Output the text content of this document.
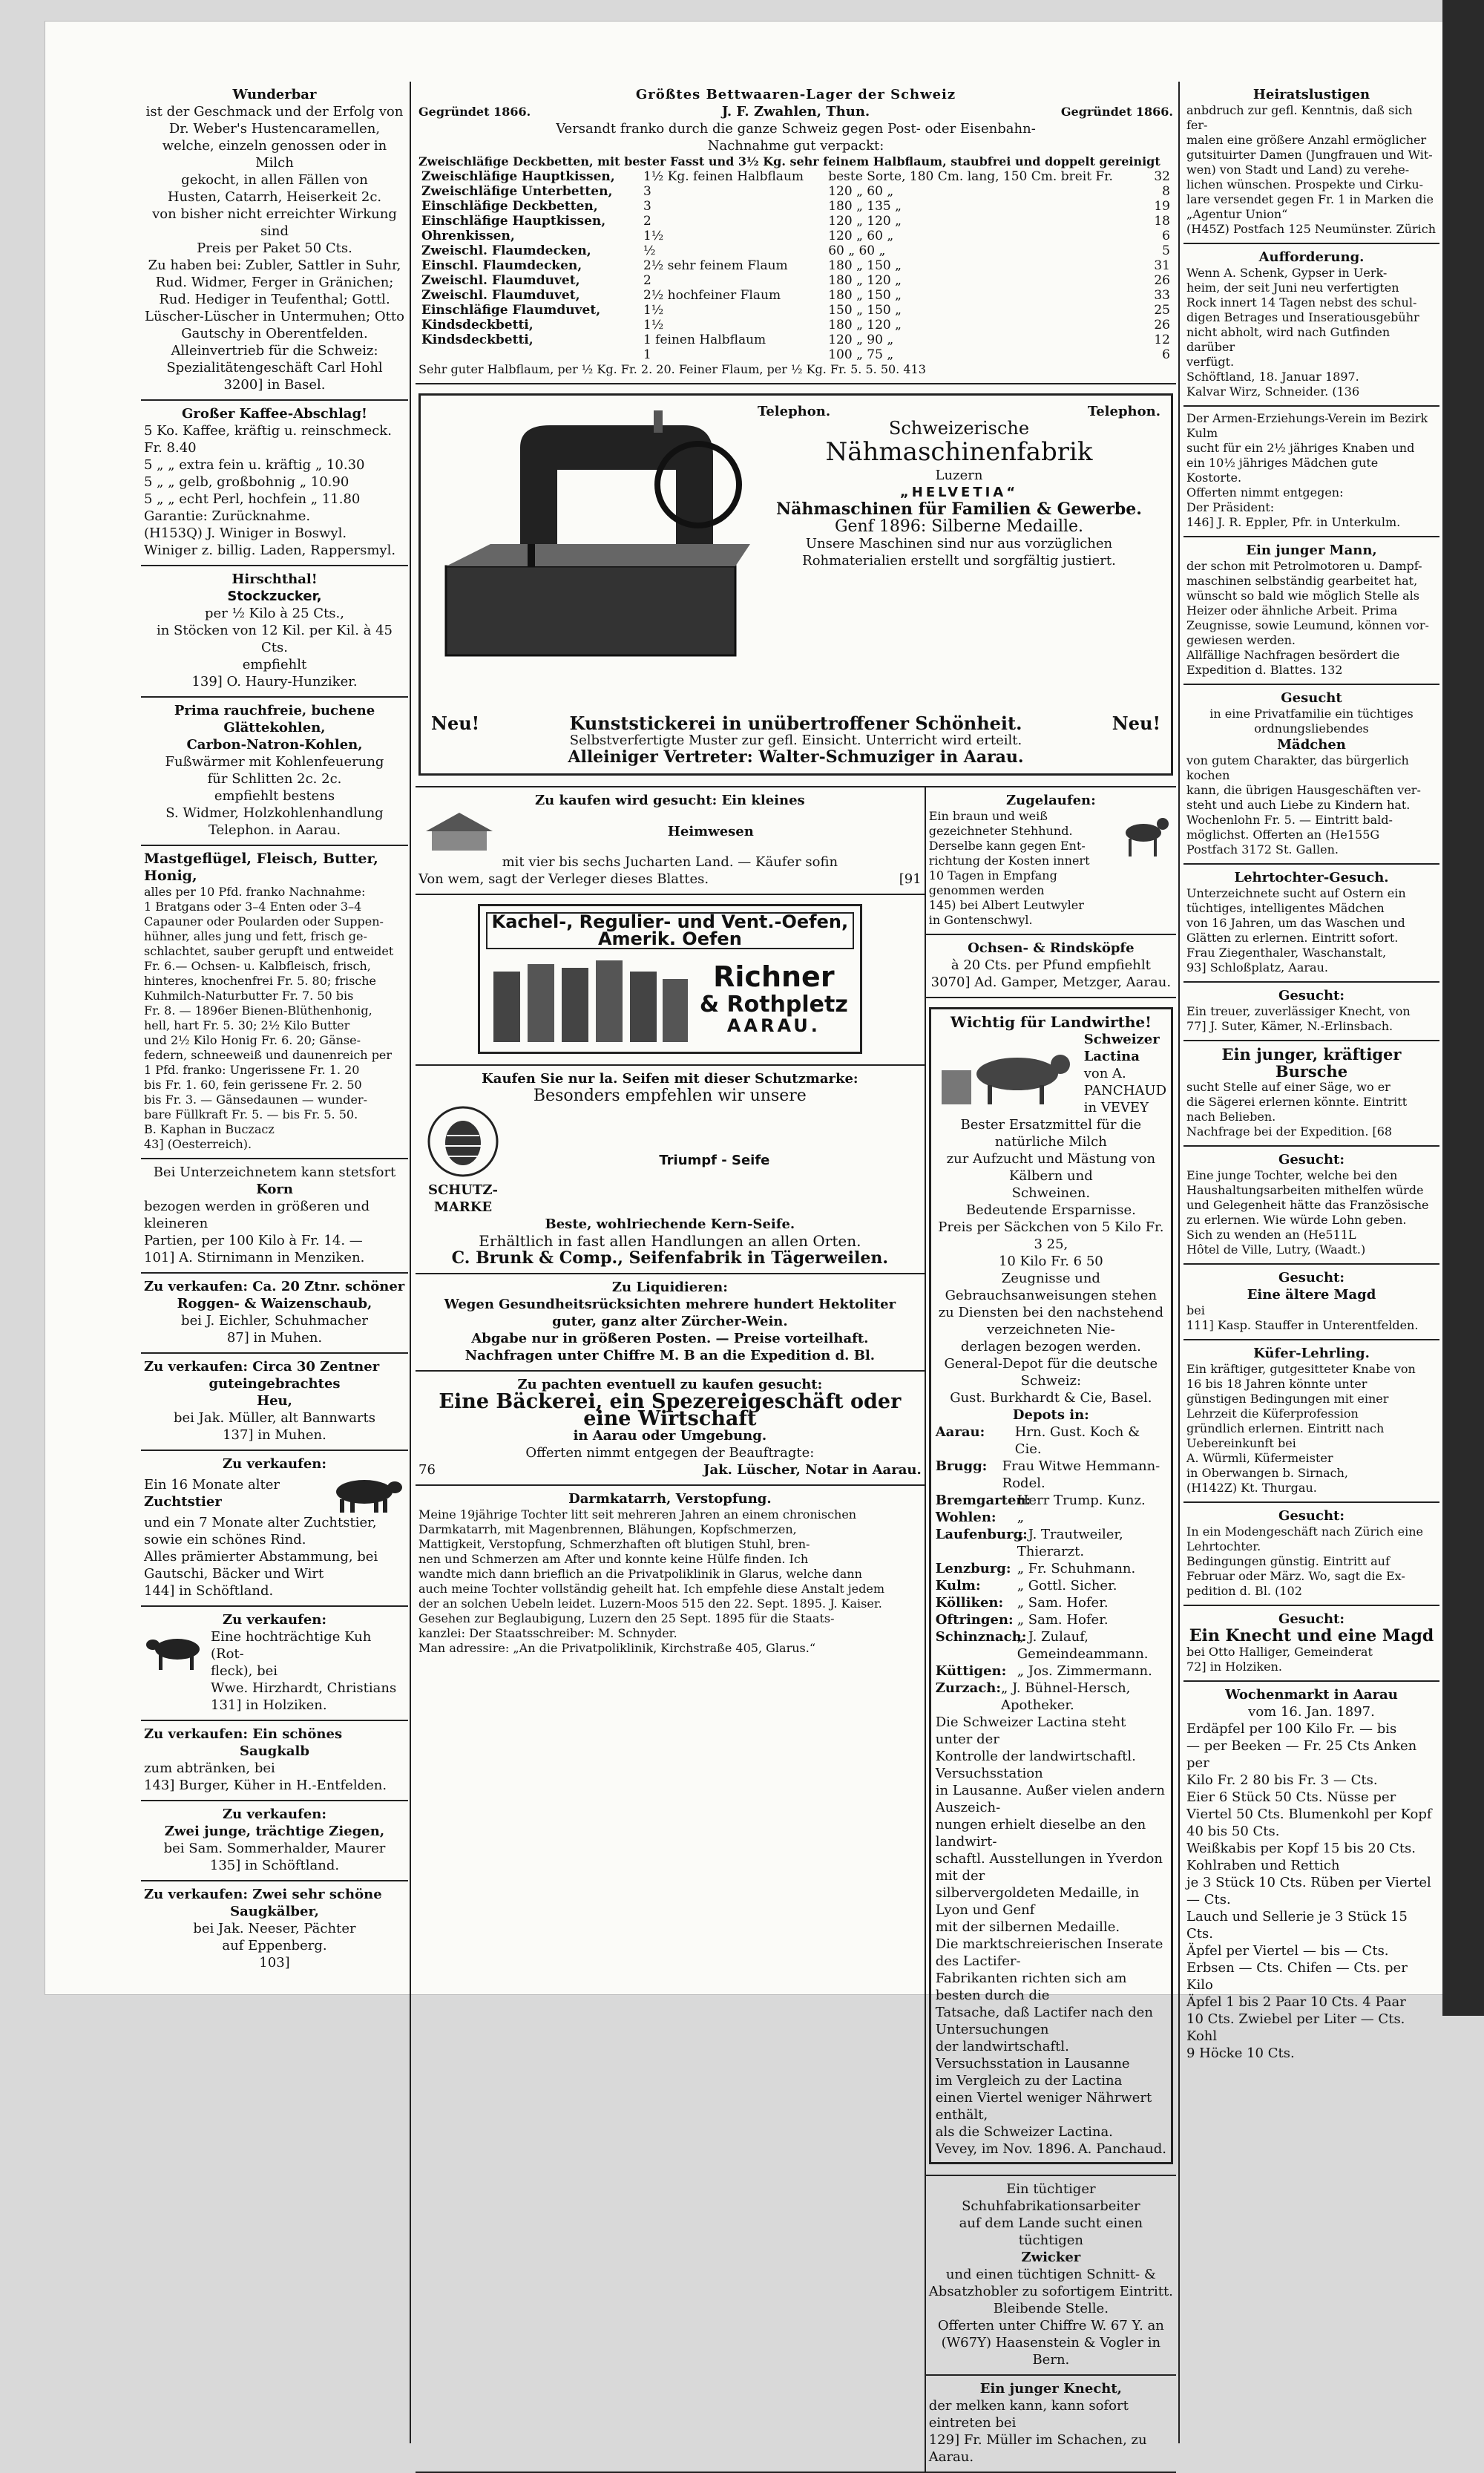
Wunderbar

ist der Geschmack und der Erfolg von

Dr. Weber's Hustencaramellen,

welche, einzeln genossen oder in Milch

gekocht, in allen Fällen von

Husten, Catarrh, Heiserkeit 2c.

von bisher nicht erreichter Wirkung sind

Preis per Paket 50 Cts.

Zu haben bei: Zubler, Sattler in Suhr,

Rud. Widmer, Ferger in Gränichen;

Rud. Hediger in Teufenthal; Gottl.

Lüscher-Lüscher in Untermuhen; Otto

Gautschy in Oberentfelden.

Alleinvertrieb für die Schweiz:

Spezialitätengeschäft Carl Hohl

3200] in Basel.

Großer Kaffee-Abschlag!

5 Ko. Kaffee, kräftig u. reinschmeck. Fr. 8.40

5 „ „ extra fein u. kräftig „ 10.30

5 „ „ gelb, großbohnig „ 10.90

5 „ „ echt Perl, hochfein „ 11.80

Garantie: Zurücknahme.

(H153Q) J. Winiger in Boswyl.

Winiger z. billig. Laden, Rappersmyl.

Hirschthal!

Stockzucker,

per ½ Kilo à 25 Cts.,

in Stöcken von 12 Kil. per Kil. à 45 Cts.

empfiehlt

139] O. Haury-Hunziker.

Prima rauchfreie, buchene

Glättekohlen,

Carbon-Natron-Kohlen,

Fußwärmer mit Kohlenfeuerung

für Schlitten 2c. 2c.

empfiehlt bestens

S. Widmer, Holzkohlenhandlung

Telephon. in Aarau.

Mastgeflügel, Fleisch, Butter, Honig,

alles per 10 Pfd. franko Nachnahme:

1 Bratgans oder 3–4 Enten oder 3–4

Capauner oder Poularden oder Suppen-

hühner, alles jung und fett, frisch ge-

schlachtet, sauber gerupft und entweidet

Fr. 6.— Ochsen- u. Kalbfleisch, frisch,

hinteres, knochenfrei Fr. 5. 80; frische

Kuhmilch-Naturbutter Fr. 7. 50 bis

Fr. 8. — 1896er Bienen-Blüthenhonig,

hell, hart Fr. 5. 30; 2½ Kilo Butter

und 2½ Kilo Honig Fr. 6. 20; Gänse-

federn, schneeweiß und daunenreich per

1 Pfd. franko: Ungerissene Fr. 1. 20

bis Fr. 1. 60, fein gerissene Fr. 2. 50

bis Fr. 3. — Gänsedaunen — wunder-

bare Füllkraft Fr. 5. — bis Fr. 5. 50.

B. Kaphan in Buczacz

43] (Oesterreich).

Bei Unterzeichnetem kann stetsfort

Korn

bezogen werden in größeren und kleineren

Partien, per 100 Kilo à Fr. 14. —

101] A. Stirnimann in Menziken.

Zu verkaufen: Ca. 20 Ztnr. schöner

Roggen- & Waizenschaub,

bei J. Eichler, Schuhmacher

87] in Muhen.

Zu verkaufen: Circa 30 Zentner

guteingebrachtes

Heu,

bei Jak. Müller, alt Bannwarts

137] in Muhen.

Zu verkaufen:

Ein 16 Monate alter

Zuchtstier

und ein 7 Monate alter Zuchtstier,

sowie ein schönes Rind.

Alles prämierter Abstammung, bei

Gautschi, Bäcker und Wirt

144] in Schöftland.

Zu verkaufen:

Eine hochträchtige Kuh (Rot-

fleck), bei

Wwe. Hirzhardt, Christians

131] in Holziken.

Zu verkaufen: Ein schönes

Saugkalb

zum abtränken, bei

143] Burger, Küher in H.-Entfelden.

Zu verkaufen:

Zwei junge, trächtige Ziegen,

bei Sam. Sommerhalder, Maurer

135] in Schöftland.

Zu verkaufen: Zwei sehr schöne

Saugkälber,

bei Jak. Neeser, Pächter

auf Eppenberg.

103]

Größtes Bettwaaren-Lager der Schweiz

Gegründet 1866.	J. F. Zwahlen, Thun.	Gegründet 1866.

Versandt franko durch die ganze Schweiz gegen Post- oder Eisenbahn-

Nachnahme gut verpackt:

Zweischläfige Deckbetten, mit bester Fasst und 3½ Kg. sehr feinem Halbflaum, staubfrei und doppelt gereinigt

Zweischläfige Hauptkissen,	1½ Kg. feinen Halbflaum	beste Sorte, 180 Cm. lang, 150 Cm. breit Fr.	32
Zweischläfige Unterbetten,	3	120 „ 60 „	8
Einschläfige Deckbetten,	3	180 „ 135 „	19
Einschläfige Hauptkissen,	2	120 „ 120 „	18
Ohrenkissen,	1½	120 „ 60 „	6
Zweischl. Flaumdecken,	½	60 „ 60 „	5
Einschl. Flaumdecken,	2½ sehr feinem Flaum	180 „ 150 „	31
Zweischl. Flaumduvet,	2	180 „ 120 „	26
Zweischl. Flaumduvet,	2½ hochfeiner Flaum	180 „ 150 „	33
Einschläfige Flaumduvet,	1½	150 „ 150 „	25
Kindsdeckbetti,	1½	180 „ 120 „	26
Kindsdeckbetti,	1 feinen Halbflaum	120 „ 90 „	12
	1	100 „ 75 „	6

Sehr guter Halbflaum, per ½ Kg. Fr. 2. 20. Feiner Flaum, per ½ Kg. Fr. 5. 5. 50. 413

Telephon.	Telephon.

Schweizerische

Nähmaschinenfabrik

Luzern

„HELVETIA“

Nähmaschinen für Familien & Gewerbe.

Genf 1896: Silberne Medaille.

Unsere Maschinen sind nur aus vorzüglichen

Rohmaterialien erstellt und sorgfältig justiert.

Neu!	Kunststickerei in unübertroffener Schönheit.	Neu!

Selbstverfertigte Muster zur gefl. Einsicht. Unterricht wird erteilt.

Alleiniger Vertreter: Walter-Schmuziger in Aarau.

Zu kaufen wird gesucht: Ein kleines

Heimwesen

mit vier bis sechs Jucharten Land. — Käufer sofin

Von wem, sagt der Verleger dieses Blattes.	[91

Kachel-, Regulier- und Vent.-Oefen, Amerik. Oefen

Richner

& Rothpletz

AARAU.

Kaufen Sie nur la. Seifen mit dieser Schutzmarke:

Besonders empfehlen wir unsere

SCHUTZ-MARKE

Triumpf - Seife

Beste, wohlriechende Kern-Seife.

Erhältlich in fast allen Handlungen an allen Orten.

C. Brunk & Comp., Seifenfabrik in Tägerweilen.

Zu Liquidieren:

Wegen Gesundheitsrücksichten mehrere hundert Hektoliter

guter, ganz alter Zürcher-Wein.

Abgabe nur in größeren Posten. — Preise vorteilhaft.

Nachfragen unter Chiffre M. B an die Expedition d. Bl.

Zu pachten eventuell zu kaufen gesucht:

Eine Bäckerei, ein Spezereigeschäft oder eine Wirtschaft

in Aarau oder Umgebung.

Offerten nimmt entgegen der Beauftragte:

76	Jak. Lüscher, Notar in Aarau.

Darmkatarrh, Verstopfung.

Meine 19jährige Tochter litt seit mehreren Jahren an einem chronischen

Darmkatarrh, mit Magenbrennen, Blähungen, Kopfschmerzen,

Mattigkeit, Verstopfung, Schmerzhaften oft blutigen Stuhl, bren-

nen und Schmerzen am After und konnte keine Hülfe finden. Ich

wandte mich dann brieflich an die Privatpoliklinik in Glarus, welche dann

auch meine Tochter vollständig geheilt hat. Ich empfehle diese Anstalt jedem

der an solchen Uebeln leidet. Luzern-Moos 515 den 22. Sept. 1895. J. Kaiser.

Gesehen zur Beglaubigung, Luzern den 25 Sept. 1895 für die Staats-

kanzlei: Der Staatsschreiber: M. Schnyder.

Man adressire: „An die Privatpoliklinik, Kirchstraße 405, Glarus.“

Zugelaufen:

Ein braun und weiß

gezeichneter Stehhund.

Derselbe kann gegen Ent-

richtung der Kosten innert

10 Tagen in Empfang genommen werden

145) bei Albert Leutwyler

in Gontenschwyl.

Ochsen- & Rindsköpfe

à 20 Cts. per Pfund empfiehlt

3070] Ad. Gamper, Metzger, Aarau.

Wichtig für Landwirthe!

Schweizer Lactina

von A. PANCHAUD in VEVEY

Bester Ersatzmittel für die natürliche Milch

zur Aufzucht und Mästung von Kälbern und

Schweinen.

Bedeutende Ersparnisse.

Preis per Säckchen von 5 Kilo Fr. 3 25,

10 Kilo Fr. 6 50

Zeugnisse und Gebrauchsanweisungen stehen

zu Diensten bei den nachstehend verzeichneten Nie-

derlagen bezogen werden.

General-Depot für die deutsche Schweiz:

Gust. Burkhardt & Cie, Basel.

Depots in:

Aarau:	Hrn. Gust. Koch & Cie.

Brugg:	Frau Witwe Hemmann-Rodel.

Bremgarten:

Herr Trump. Kunz.

Wohlen:	„

Laufenburg:

„ J. Trautweiler, Thierarzt.

Lenzburg: „ Fr. Schuhmann.

Kulm:	„ Gottl. Sicher.

Kölliken:	„ Sam. Hofer.

Oftringen: „ Sam. Hofer.

Schinznach:

„ J. Zulauf, Gemeindeammann.

Küttigen: „ Jos. Zimmermann.

Zurzach: „ J. Bühnel-Hersch, Apotheker.

Die Schweizer Lactina steht unter der

Kontrolle der landwirtschaftl. Versuchsstation

in Lausanne. Außer vielen andern Auszeich-

nungen erhielt dieselbe an den landwirt-

schaftl. Ausstellungen in Yverdon mit der

silbervergoldeten Medaille, in Lyon und Genf

mit der silbernen Medaille.

Die marktschreierischen Inserate des Lactifer-

Fabrikanten richten sich am besten durch die

Tatsache, daß Lactifer nach den Untersuchungen

der landwirtschaftl. Versuchsstation in Lausanne

im Vergleich zu der Lactina

einen Viertel weniger Nährwert enthält,

als die Schweizer Lactina.

Vevey, im Nov. 1896. A. Panchaud.

Ein tüchtiger Schuhfabrikationsarbeiter

auf dem Lande sucht einen tüchtigen

Zwicker

und einen tüchtigen Schnitt- &

Absatzhobler zu sofortigem Eintritt.

Bleibende Stelle.

Offerten unter Chiffre W. 67 Y. an

(W67Y) Haasenstein & Vogler in Bern.

Ein junger Knecht,

der melken kann, kann sofort eintreten bei

129] Fr. Müller im Schachen, zu Aarau.

Heiratslustigen

anbdruch zur gefl. Kenntnis, daß sich fer-

malen eine größere Anzahl ermöglicher

gutsituirter Damen (Jungfrauen und Wit-

wen) von Stadt und Land) zu verehe-

lichen wünschen. Prospekte und Cirku-

lare versendet gegen Fr. 1 in Marken die

„Agentur Union“

(H45Z) Postfach 125 Neumünster. Zürich

Aufforderung.

Wenn A. Schenk, Gypser in Uerk-

heim, der seit Juni neu verfertigten

Rock innert 14 Tagen nebst des schul-

digen Betrages und Inseratiousgebühr

nicht abholt, wird nach Gutfinden darüber

verfügt.

Schöftland, 18. Januar 1897.

Kalvar Wirz, Schneider. (136

Der Armen-Erziehungs-Verein im Bezirk Kulm

sucht für ein 2½ jähriges Knaben und

ein 10½ jähriges Mädchen gute

Kostorte.

Offerten nimmt entgegen:

Der Präsident:

146] J. R. Eppler, Pfr. in Unterkulm.

Ein junger Mann,

der schon mit Petrolmotoren u. Dampf-

maschinen selbständig gearbeitet hat,

wünscht so bald wie möglich Stelle als

Heizer oder ähnliche Arbeit. Prima

Zeugnisse, sowie Leumund, können vor-

gewiesen werden.

Allfällige Nachfragen besördert die

Expedition d. Blattes. 132

Gesucht

in eine Privatfamilie ein tüchtiges

ordnungsliebendes

Mädchen

von gutem Charakter, das bürgerlich kochen

kann, die übrigen Hausgeschäften ver-

steht und auch Liebe zu Kindern hat.

Wochenlohn Fr. 5. — Eintritt bald-

möglichst. Offerten an (He155G

Postfach 3172 St. Gallen.

Lehrtochter-Gesuch.

Unterzeichnete sucht auf Ostern ein

tüchtiges, intelligentes Mädchen

von 16 Jahren, um das Waschen und

Glätten zu erlernen. Eintritt sofort.

Frau Ziegenthaler, Waschanstalt,

93] Schloßplatz, Aarau.

Gesucht:

Ein treuer, zuverlässiger Knecht, von

77] J. Suter, Kämer, N.-Erlinsbach.

Ein junger, kräftiger Bursche

sucht Stelle auf einer Säge, wo er

die Sägerei erlernen könnte. Eintritt

nach Belieben.

Nachfrage bei der Expedition. [68

Gesucht:

Eine junge Tochter, welche bei den

Haushaltungsarbeiten mithelfen würde

und Gelegenheit hätte das Französische

zu erlernen. Wie würde Lohn geben.

Sich zu wenden an (He511L

Hôtel de Ville, Lutry, (Waadt.)

Gesucht:

Eine ältere Magd

bei

111] Kasp. Stauffer in Unterentfelden.

Küfer-Lehrling.

Ein kräftiger, gutgesitteter Knabe von

16 bis 18 Jahren könnte unter

günstigen Bedingungen mit einer

Lehrzeit die Küferprofession

gründlich erlernen. Eintritt nach

Uebereinkunft bei

A. Würmli, Küfermeister

in Oberwangen b. Sirnach,

(H142Z) Kt. Thurgau.

Gesucht:

In ein Modengeschäft nach Zürich eine

Lehrtochter.

Bedingungen günstig. Eintritt auf

Februar oder März. Wo, sagt die Ex-

pedition d. Bl. (102

Gesucht:

Ein Knecht und eine Magd

bei Otto Halliger, Gemeinderat

72] in Holziken.

Wochenmarkt in Aarau

vom 16. Jan. 1897.

Erdäpfel per 100 Kilo Fr. — bis

— per Beeken — Fr. 25 Cts Anken per

Kilo Fr. 2 80 bis Fr. 3 — Cts.

Eier 6 Stück 50 Cts. Nüsse per

Viertel 50 Cts. Blumenkohl per Kopf 40 bis 50 Cts.

Weißkabis per Kopf 15 bis 20 Cts. Kohlraben und Rettich

je 3 Stück 10 Cts. Rüben per Viertel — Cts.

Lauch und Sellerie je 3 Stück 15 Cts.

Äpfel per Viertel — bis — Cts.

Erbsen — Cts. Chifen — Cts. per Kilo

Äpfel 1 bis 2 Paar 10 Cts. 4 Paar

10 Cts. Zwiebel per Liter — Cts. Kohl

9 Höcke 10 Cts.
